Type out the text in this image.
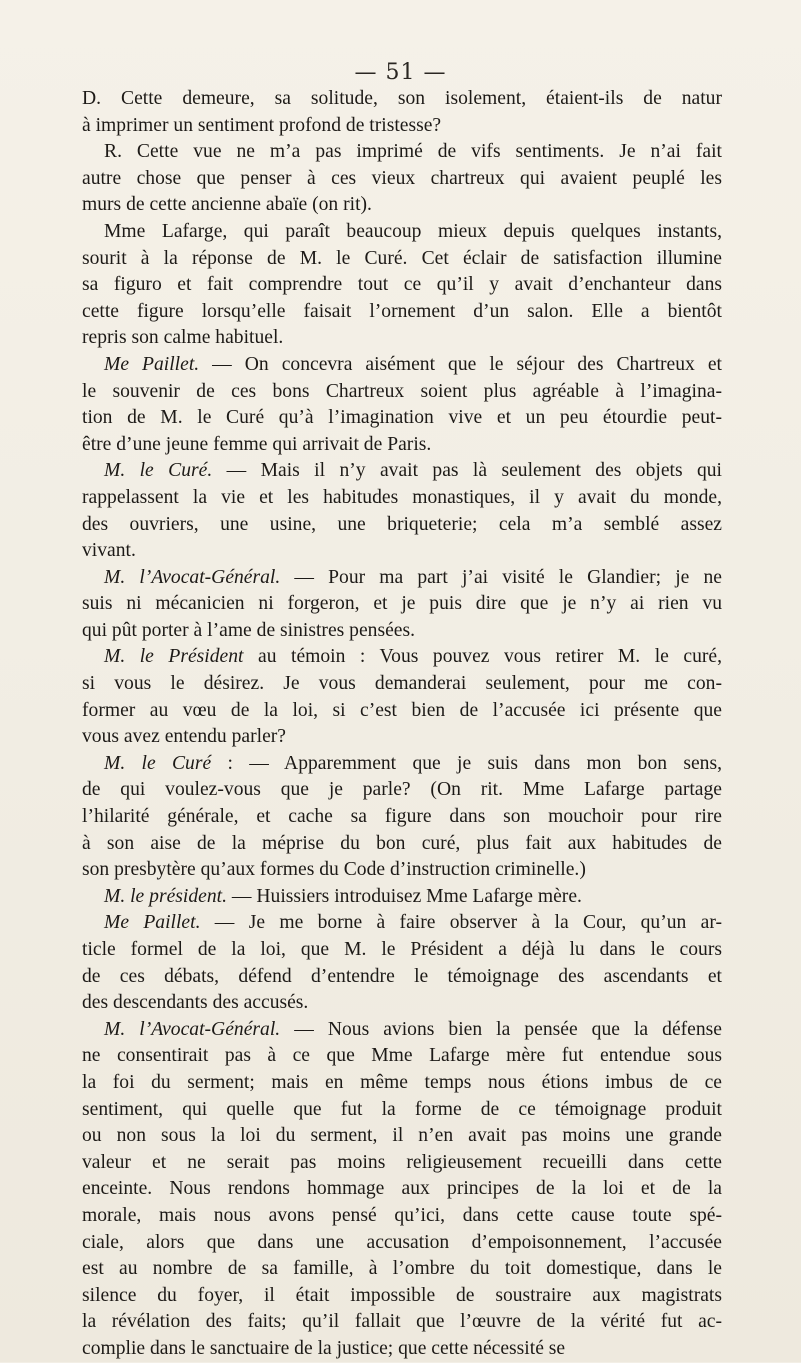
— 51 —
D. Cette demeure, sa solitude, son isolement, étaient-ils de natur
à imprimer un sentiment profond de tristesse?
R. Cette vue ne m’a pas imprimé de vifs sentiments. Je n’ai fait
autre chose que penser à ces vieux chartreux qui avaient peuplé les
murs de cette ancienne abaïe (on rit).
Mme Lafarge, qui paraît beaucoup mieux depuis quelques instants,
sourit à la réponse de M. le Curé. Cet éclair de satisfaction illumine
sa figuro et fait comprendre tout ce qu’il y avait d’enchanteur dans
cette figure lorsqu’elle faisait l’ornement d’un salon. Elle a bientôt
repris son calme habituel.
Me Paillet. — On concevra aisément que le séjour des Chartreux et
le souvenir de ces bons Chartreux soient plus agréable à l’imagina-
tion de M. le Curé qu’à l’imagination vive et un peu étourdie peut-
être d’une jeune femme qui arrivait de Paris.
M. le Curé. — Mais il n’y avait pas là seulement des objets qui
rappelassent la vie et les habitudes monastiques, il y avait du monde,
des ouvriers, une usine, une briqueterie; cela m’a semblé assez
vivant.
M. l’Avocat-Général. — Pour ma part j’ai visité le Glandier; je ne
suis ni mécanicien ni forgeron, et je puis dire que je n’y ai rien vu
qui pût porter à l’ame de sinistres pensées.
M. le Président au témoin : Vous pouvez vous retirer M. le curé,
si vous le désirez. Je vous demanderai seulement, pour me con-
former au vœu de la loi, si c’est bien de l’accusée ici présente que
vous avez entendu parler?
M. le Curé : — Apparemment que je suis dans mon bon sens,
de qui voulez-vous que je parle? (On rit. Mme Lafarge partage
l’hilarité générale, et cache sa figure dans son mouchoir pour rire
à son aise de la méprise du bon curé, plus fait aux habitudes de
son presbytère qu’aux formes du Code d’instruction criminelle.)
M. le président. — Huissiers introduisez Mme Lafarge mère.
Me Paillet. — Je me borne à faire observer à la Cour, qu’un ar-
ticle formel de la loi, que M. le Président a déjà lu dans le cours
de ces débats, défend d’entendre le témoignage des ascendants et
des descendants des accusés.
M. l’Avocat-Général. — Nous avions bien la pensée que la défense
ne consentirait pas à ce que Mme Lafarge mère fut entendue sous
la foi du serment; mais en même temps nous étions imbus de ce
sentiment, qui quelle que fut la forme de ce témoignage produit
ou non sous la loi du serment, il n’en avait pas moins une grande
valeur et ne serait pas moins religieusement recueilli dans cette
enceinte. Nous rendons hommage aux principes de la loi et de la
morale, mais nous avons pensé qu’ici, dans cette cause toute spé-
ciale, alors que dans une accusation d’empoisonnement, l’accusée
est au nombre de sa famille, à l’ombre du toit domestique, dans le
silence du foyer, il était impossible de soustraire aux magistrats
la révélation des faits; qu’il fallait que l’œuvre de la vérité fut ac-
complie dans le sanctuaire de la justice; que cette nécessité se
